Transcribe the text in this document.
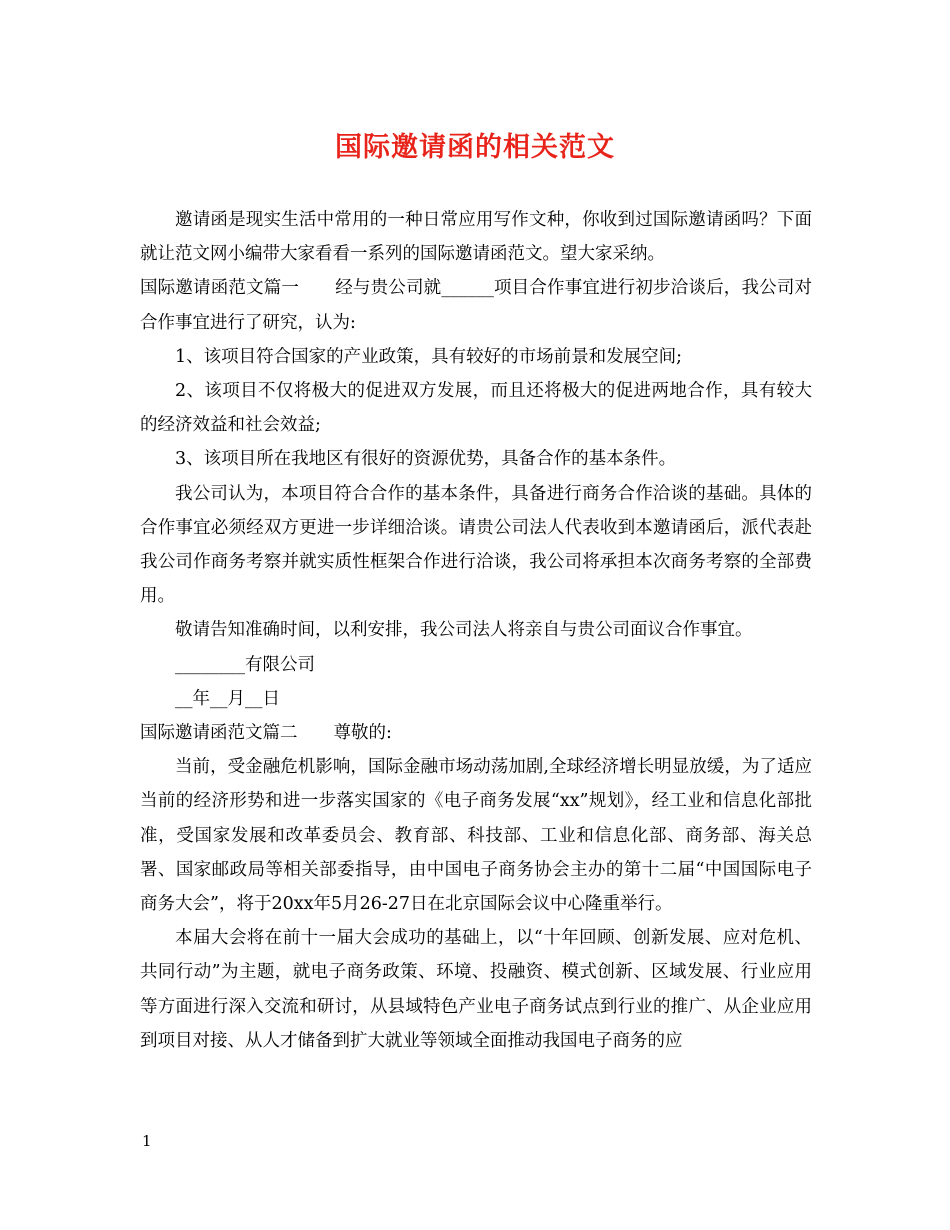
国际邀请函的相关范文

邀请函是现实生活中常用的一种日常应用写作文种，你收到过国际邀请函吗？下面就让范文网小编带大家看看一系列的国际邀请函范文。望大家采纳。

国际邀请函范文篇一 经与贵公司就______项目合作事宜进行初步洽谈后，我公司对合作事宜进行了研究，认为:

1、该项目符合国家的产业政策，具有较好的市场前景和发展空间;

2、该项目不仅将极大的促进双方发展，而且还将极大的促进两地合作，具有较大的经济效益和社会效益;

3、该项目所在我地区有很好的资源优势，具备合作的基本条件。

我公司认为，本项目符合合作的基本条件，具备进行商务合作洽谈的基础。具体的合作事宜必须经双方更进一步详细洽谈。请贵公司法人代表收到本邀请函后，派代表赴我公司作商务考察并就实质性框架合作进行洽谈，我公司将承担本次商务考察的全部费用。

敬请告知准确时间，以利安排，我公司法人将亲自与贵公司面议合作事宜。

________有限公司

__年__月__日

国际邀请函范文篇二 尊敬的:

当前，受金融危机影响，国际金融市场动荡加剧,全球经济增长明显放缓，为了适应当前的经济形势和进一步落实国家的《电子商务发展“xx”规划》，经工业和信息化部批准，受国家发展和改革委员会、教育部、科技部、工业和信息化部、商务部、海关总署、国家邮政局等相关部委指导，由中国电子商务协会主办的第十二届“中国国际电子商务大会”，将于20xx年5月26-27日在北京国际会议中心隆重举行。

本届大会将在前十一届大会成功的基础上，以“十年回顾、创新发展、应对危机、共同行动”为主题，就电子商务政策、环境、投融资、模式创新、区域发展、行业应用等方面进行深入交流和研讨，从县域特色产业电子商务试点到行业的推广、从企业应用到项目对接、从人才储备到扩大就业等领域全面推动我国电子商务的应

1
